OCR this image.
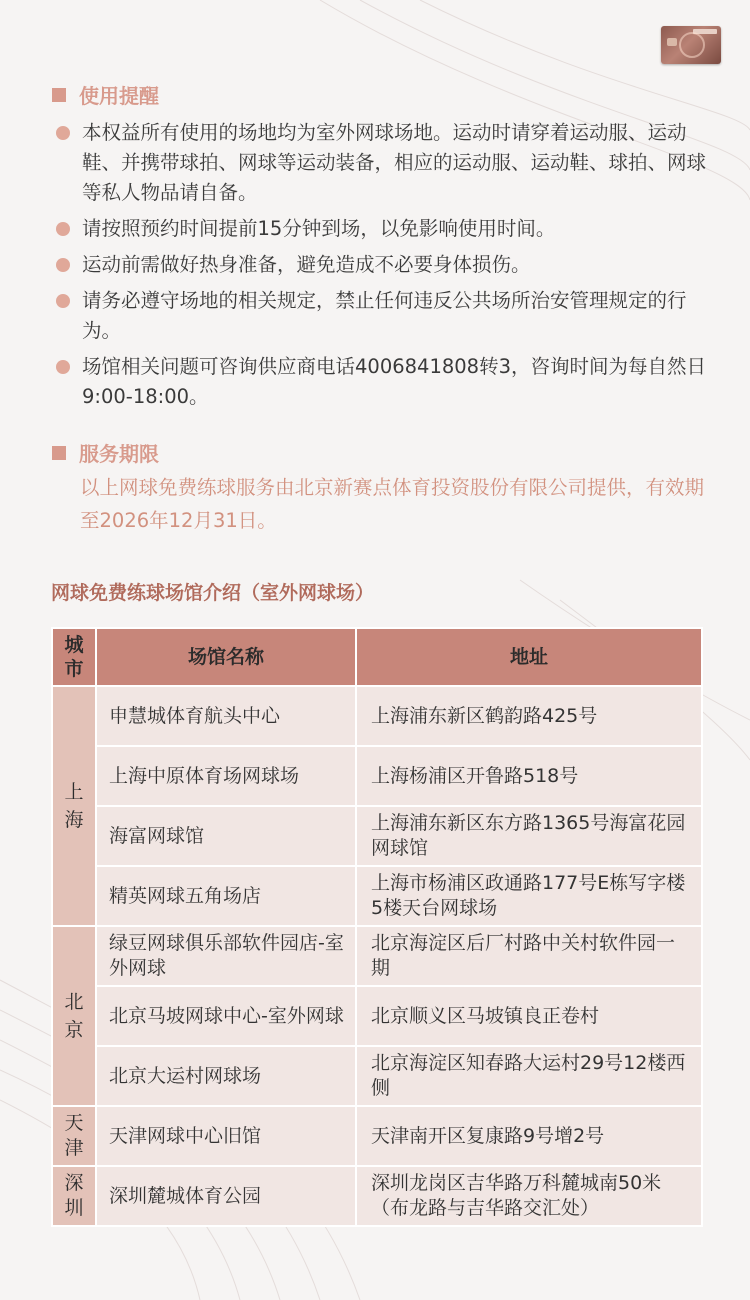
使用提醒
本权益所有使用的场地均为室外网球场地。运动时请穿着运动服、运动鞋、并携带球拍、网球等运动装备，相应的运动服、运动鞋、球拍、网球等私人物品请自备。
请按照预约时间提前15分钟到场，以免影响使用时间。
运动前需做好热身准备，避免造成不必要身体损伤。
请务必遵守场地的相关规定，禁止任何违反公共场所治安管理规定的行为。
场馆相关问题可咨询供应商电话4006841808转3，咨询时间为每自然日9:00-18:00。
服务期限
以上网球免费练球服务由北京新赛点体育投资股份有限公司提供，有效期至2026年12月31日。
网球免费练球场馆介绍（室外网球场）
城市	场馆名称	地址
上海	申慧城体育航头中心	上海浦东新区鹤韵路425号
	上海中原体育场网球场	上海杨浦区开鲁路518号
	海富网球馆	上海浦东新区东方路1365号海富花园网球馆
	精英网球五角场店	上海市杨浦区政通路177号E栋写字楼5楼天台网球场
北京	绿豆网球俱乐部软件园店-室外网球	北京海淀区后厂村路中关村软件园一期
	北京马坡网球中心-室外网球	北京顺义区马坡镇良正卷村
	北京大运村网球场	北京海淀区知春路大运村29号12楼西侧
天津	天津网球中心旧馆	天津南开区复康路9号增2号
深圳	深圳麓城体育公园	深圳龙岗区吉华路万科麓城南50米（布龙路与吉华路交汇处）
